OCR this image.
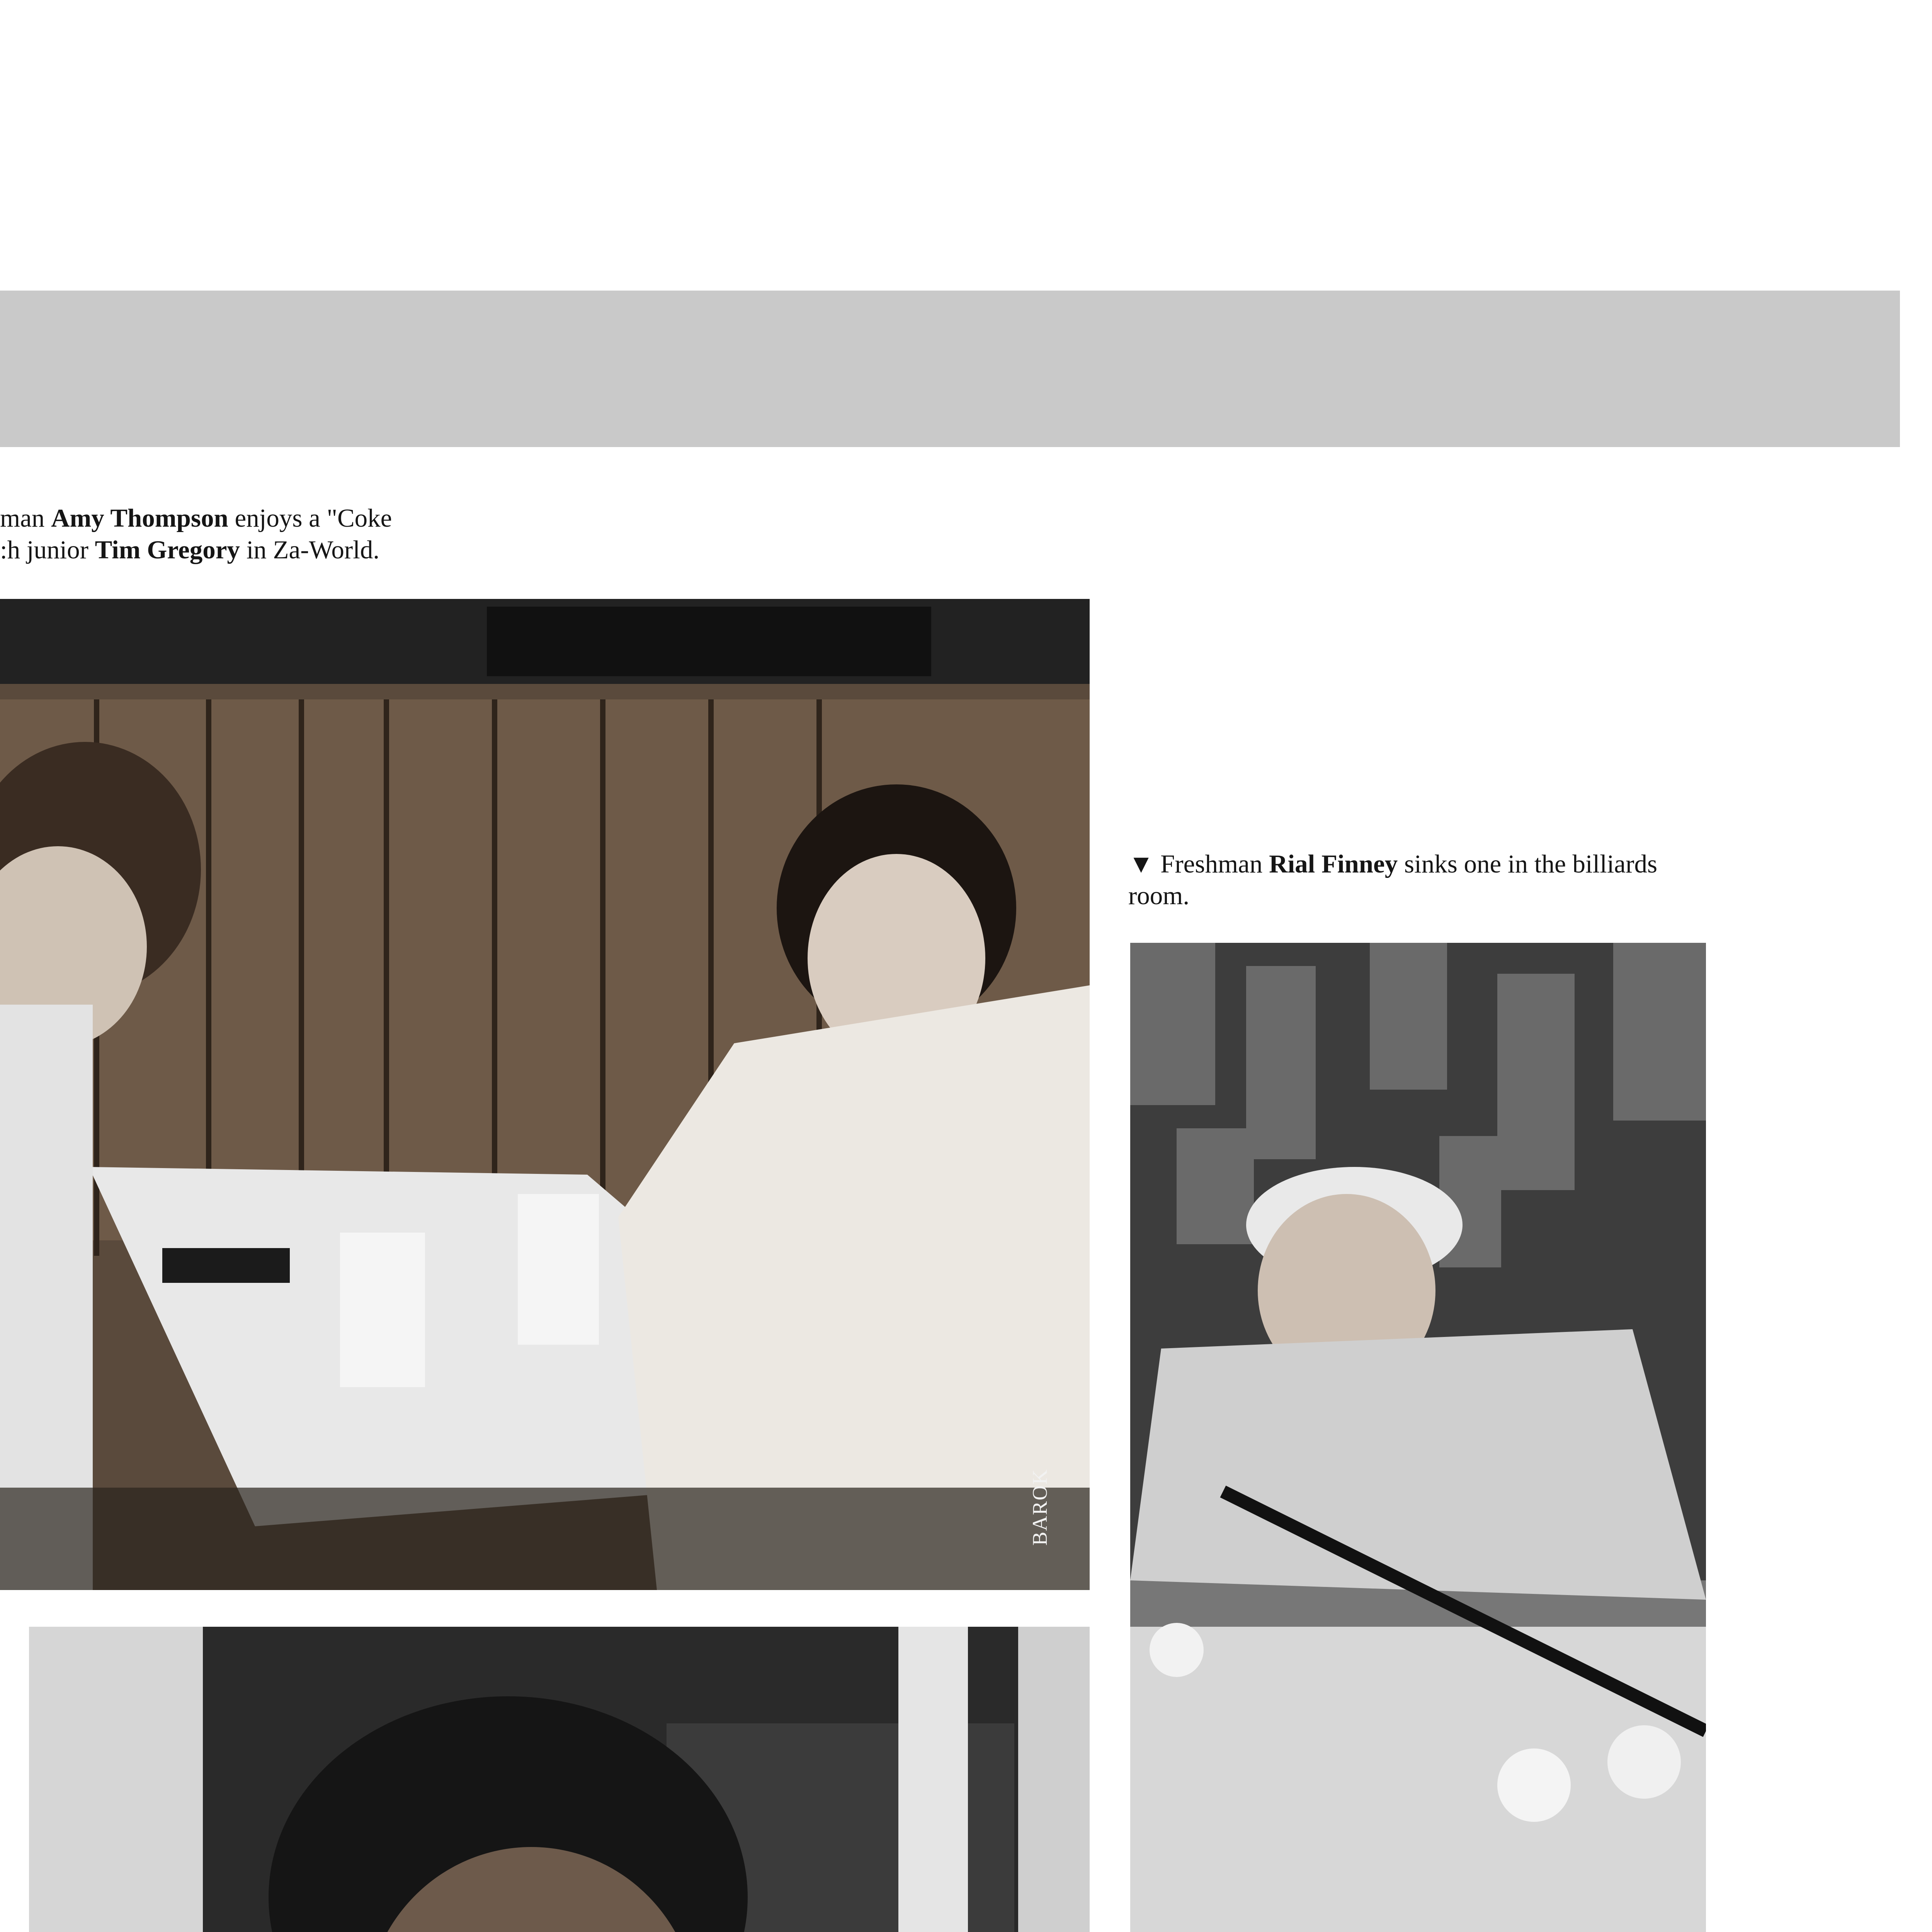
man Amy Thompson enjoys a "Coke
:h junior Tim Gregory in Za-World.

BAROK

▼ Freshman Rial Finney sinks one in the billiards room.
